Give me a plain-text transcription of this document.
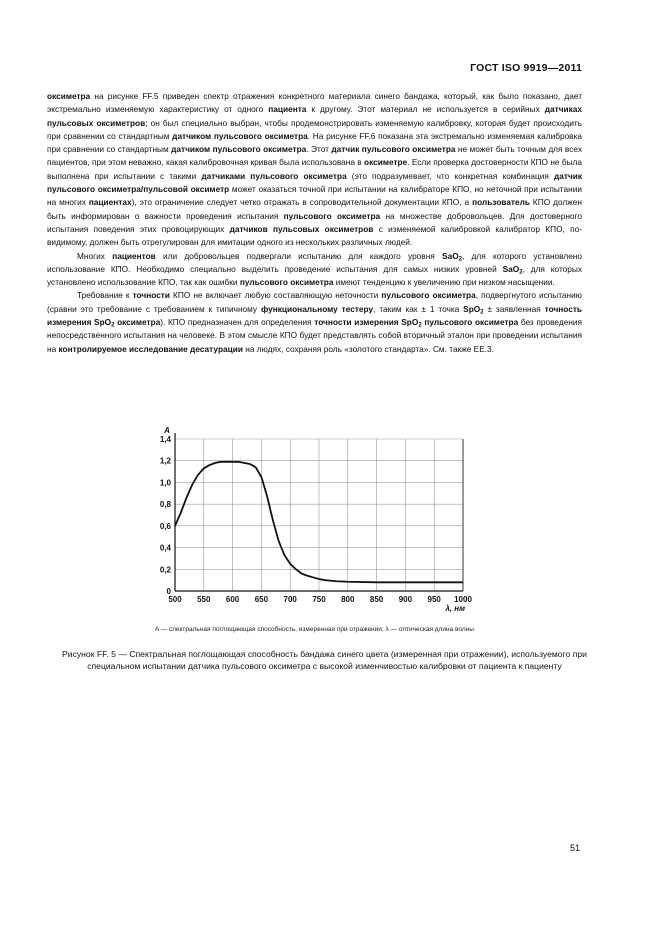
ГОСТ ISO 9919—2011

оксиметра на рисунке FF.5 приведен спектр отражения конкретного материала синего бандажа, который, как было показано, дает экстремально изменяемую характеристику от одного пациента к другому. Этот материал не используется в серийных датчиках пульсовых оксиметров; он был специально выбран, чтобы продемонстрировать изменяемую калибровку, которая будет происходить при сравнении со стандартным датчиком пульсового оксиметра. На рисунке FF.6 показана эта экстремально изменяемая калибровка при сравнении со стандартным датчиком пульсового оксиметра. Этот датчик пульсового оксиметра не может быть точным для всех пациентов, при этом неважно, какая калибровочная кривая была использована в оксиметре. Если проверка достоверности КПО не была выполнена при испытании с такими датчиками пульсового оксиметра (это подразумевает, что конкретная комбинация датчик пульсового оксиметра/пульсовой оксиметр может оказаться точной при испытании на калибраторе КПО, но неточной при испытании на многих пациентах), это ограничение следует четко отражать в сопроводительной документации КПО, а пользователь КПО должен быть информирован о важности проведения испытания пульсового оксиметра на множестве добровольцев. Для достоверного испытания поведения этих провоцирующих датчиков пульсовых оксиметров с изменяемой калибровкой калибратор КПО, по-видимому, должен быть отрегулирован для имитации одного из нескольких различных людей.

Многих пациентов или добровольцев подвергали испытанию для каждого уровня SaO$_2$, для которого установлено использование КПО. Необходимо специально выделить проведение испытания для самых низких уровней SaO$_2$, для которых установлено использование КПО, так как ошибки пульсового оксиметра имеют тенденцию к увеличению при низком насыщении.

Требование к точности КПО не включает любую составляющую неточности пульсового оксиметра, подвергнутого испытанию (сравни это требование с требованием к типичному функциональному тестеру, таким как ± 1 точка SpO$_2$ ± заявленная точность измерения SpO$_2$ оксиметра). КПО предназначен для определения точности измерения SpO$_2$ пульсового оксиметра без проведения непосредственного испытания на человеке. В этом смысле КПО будет представлять собой вторичный эталон при проведении испытания на контролируемое исследование десатурации на людях, сохраняя роль «золотого стандарта». См. также ЕЕ.3.

500 550 600 650 700 750 800 850 900 950 1000
0
0,2
0,4
0,6
0,8
1,0
1,2
1,4
A
λ, нм
A — спектральная поглощающая способность, измеренная при отражении; λ — оптическая длина волны
Рисунок FF. 5 — Спектральная поглощающая способность бандажа синего цвета (измеренная при отражении), используемого при специальном испытании датчика пульсового оксиметра с высокой изменчивостью калибровки от пациента к пациенту
51
